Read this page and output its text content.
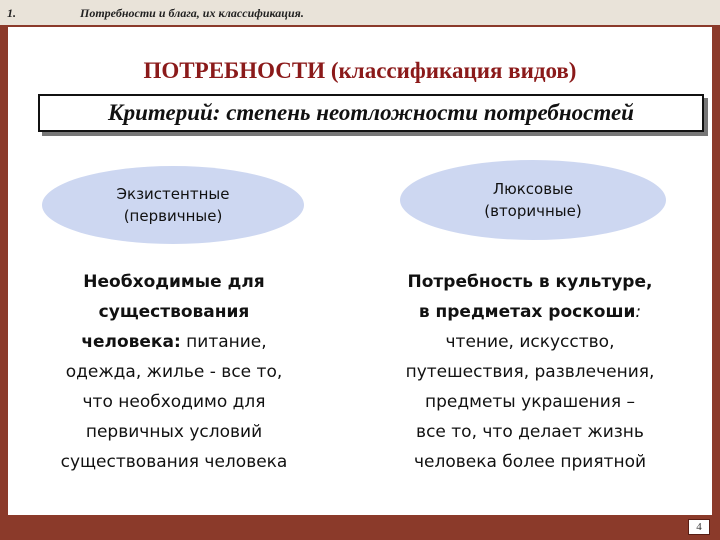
4
1.	Потребности и блага, их классификация.
ПОТРЕБНОСТИ (классификация видов)
Критерий: степень неотложности потребностей
Экзистентные
(первичные)
Люксовые
(вторичные)
Необходимые для
существования
человека: питание,
одежда, жилье - все то,
что необходимо для
первичных условий
существования человека
Потребность в культуре,
в предметах роскоши:
чтение, искусство,
путешествия, развлечения,
предметы украшения –
все то, что делает жизнь
человека более приятной
